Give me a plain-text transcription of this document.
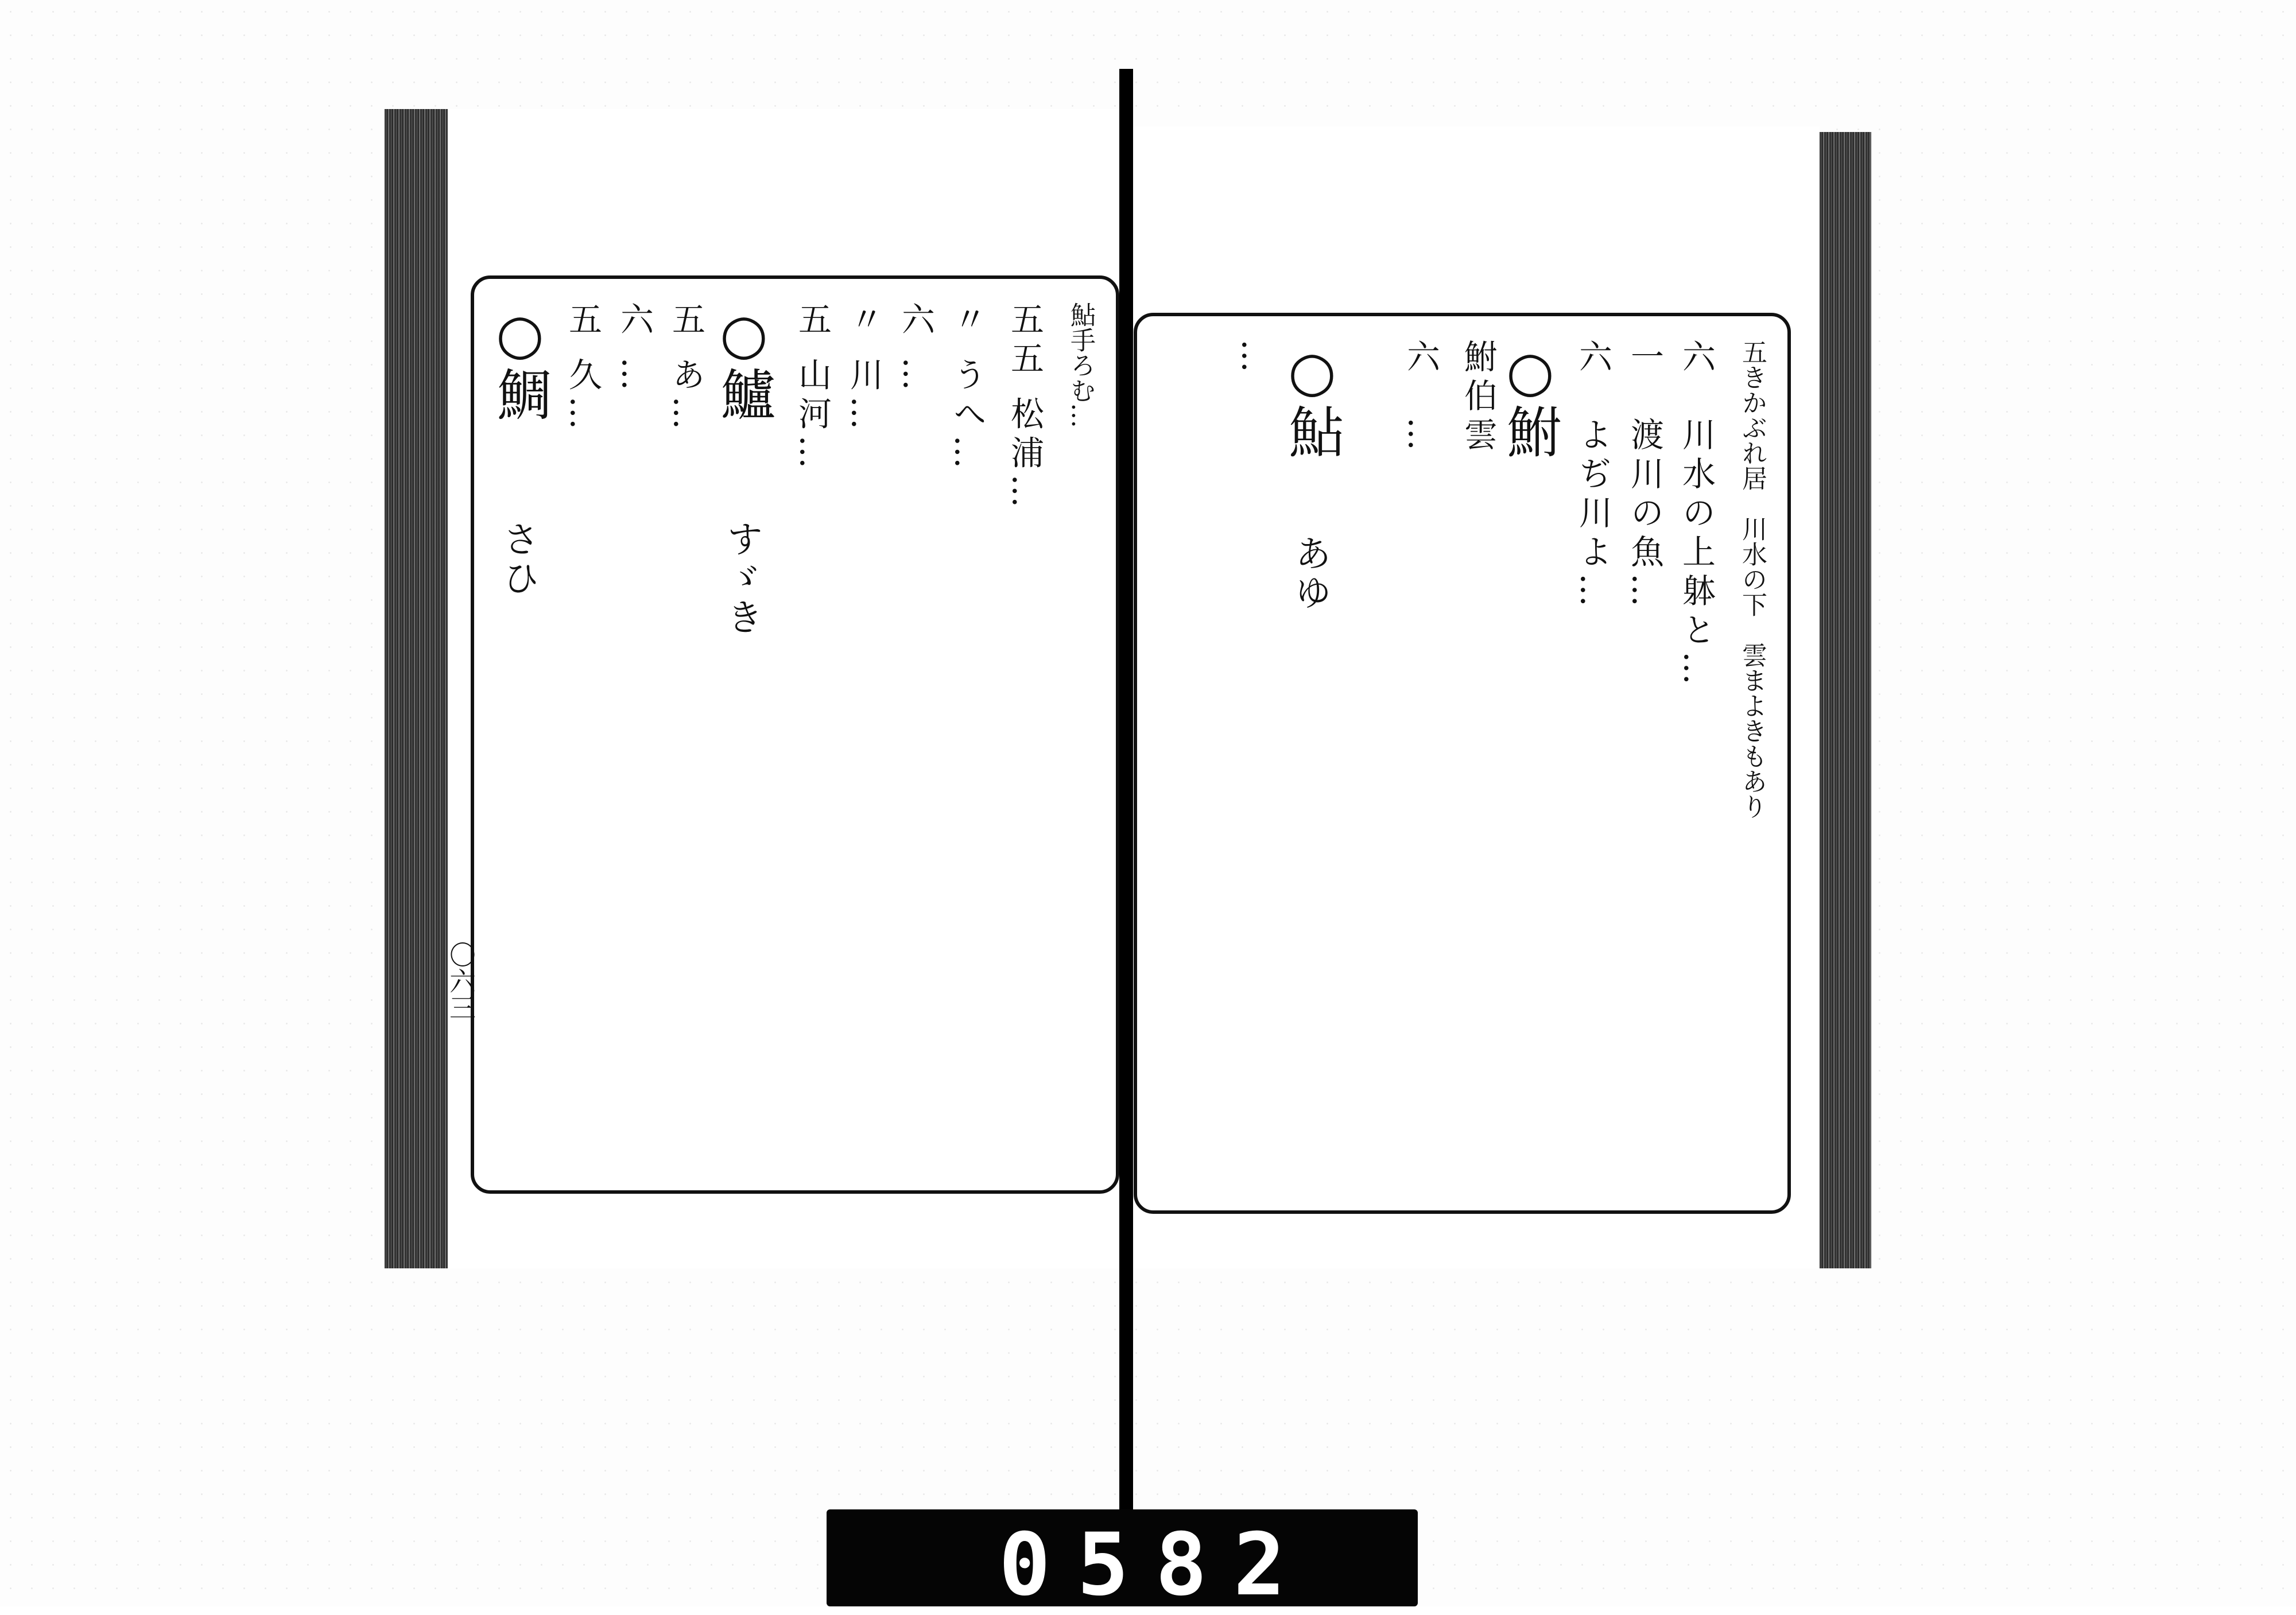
鮎手ろむ…
五五 松浦…
〃 うへ…
六 …
〃 川…
五 山河…
○鱸
すゞき
五 あ…
六 …
五 久…
○鯛
さひ
〇六三
五きかぶれ居　川水の下　雲まよきもあり
六　川水の上躰と…
一　渡川の魚…
六　よぢ川よ…
○鮒
鮒伯雲
六　…
○鮎
あゆ
…
0582
